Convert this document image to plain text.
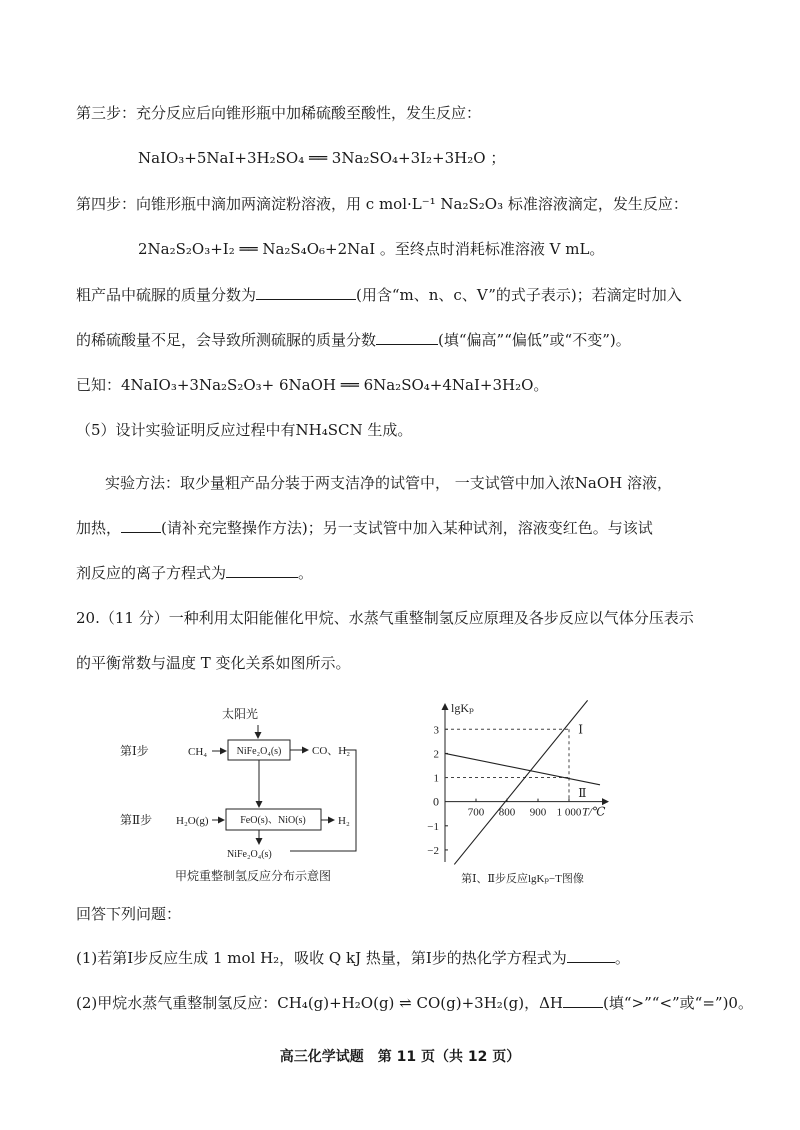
第三步：充分反应后向锥形瓶中加稀硫酸至酸性，发生反应：
NaIO₃+5NaI+3H₂SO₄ ══ 3Na₂SO₄+3I₂+3H₂O ；
第四步：向锥形瓶中滴加两滴淀粉溶液，用 c mol·L⁻¹ Na₂S₂O₃ 标准溶液滴定，发生反应：
2Na₂S₂O₃+I₂ ══ Na₂S₄O₆+2NaI 。至终点时消耗标准溶液 V mL。
粗产品中硫脲的质量分数为	(用含“m、n、c、V”的式子表示)；若滴定时加入
的稀硫酸量不足，会导致所测硫脲的质量分数	(填“偏高”“偏低”或“不变”)。
已知：4NaIO₃+3Na₂S₂O₃+ 6NaOH ══ 6Na₂SO₄+4NaI+3H₂O。
（5）设计实验证明反应过程中有NH₄SCN 生成。
实验方法：取少量粗产品分装于两支洁净的试管中， 一支试管中加入浓NaOH 溶液，
加热，	(请补充完整操作方法)；另一支试管中加入某种试剂，溶液变红色。与该试
剂反应的离子方程式为	。
20.（11 分）一种利用太阳能催化甲烷、水蒸气重整制氢反应原理及各步反应以气体分压表示
的平衡常数与温度 T 变化关系如图所示。
太阳光
第Ⅰ步	CH₄	NiFe₂O₄(s)	CO、H₂
第Ⅱ步 H₂O(g)	FeO(s)、NiO(s)	H₂
NiFe₂O₄(s)
甲烷重整制氢反应分布示意图
lgKₚ
T/℃
0
700 800 900 1 000
3
2
1
−1
−2
Ⅰ
Ⅱ
第Ⅰ、Ⅱ步反应lgKₚ−T图像
回答下列问题：
(1)若第Ⅰ步反应生成 1 mol H₂，吸收 Q kJ 热量，第Ⅰ步的热化学方程式为	。
(2)甲烷水蒸气重整制氢反应：CH₄(g)+H₂O(g) ⇌ CO(g)+3H₂(g)，ΔH	(填“>”“<”或“=”)0。
高三化学试题　第 11 页（共 12 页）
